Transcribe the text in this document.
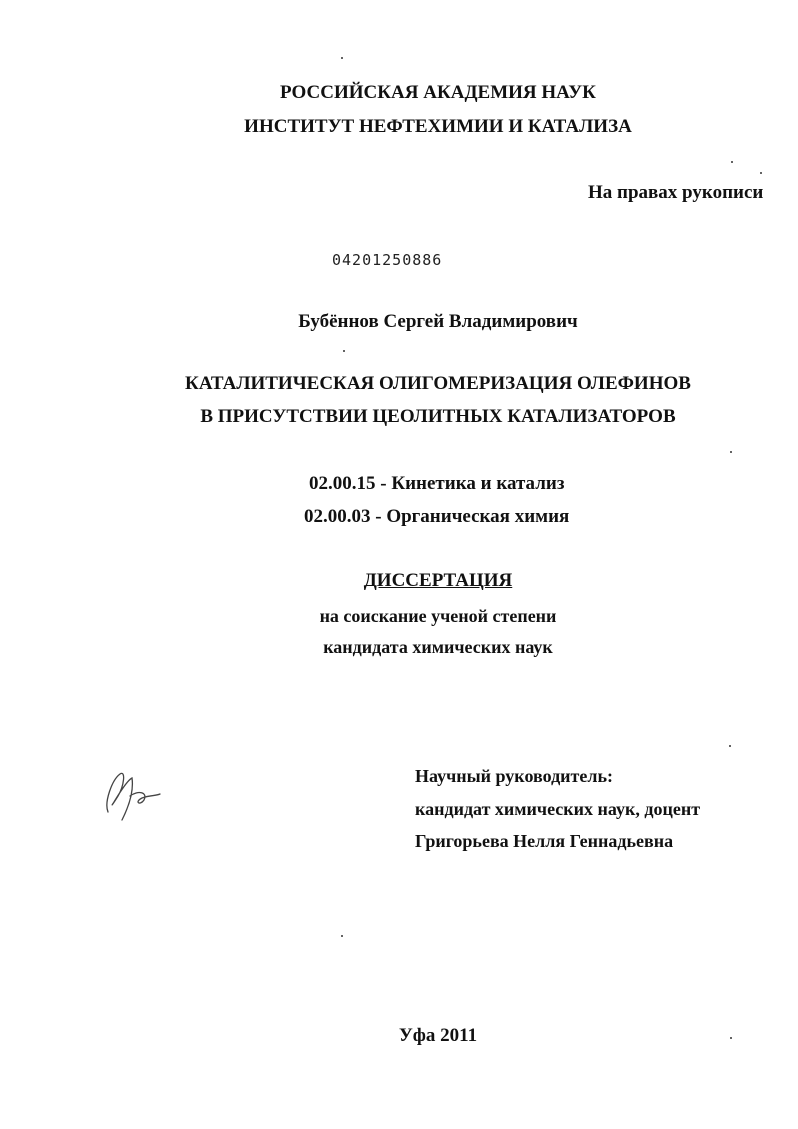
РОССИЙСКАЯ АКАДЕМИЯ НАУК
ИНСТИТУТ НЕФТЕХИМИИ И КАТАЛИЗА
На правах рукописи
04201250886
Бубённов Сергей Владимирович
КАТАЛИТИЧЕСКАЯ ОЛИГОМЕРИЗАЦИЯ ОЛЕФИНОВ
В ПРИСУТСТВИИ ЦЕОЛИТНЫХ КАТАЛИЗАТОРОВ
02.00.15 - Кинетика и катализ
02.00.03 - Органическая химия
ДИССЕРТАЦИЯ
на соискание ученой степени
кандидата химических наук
Научный руководитель:
кандидат химических наук, доцент
Григорьева Нелля Геннадьевна
Уфа 2011
